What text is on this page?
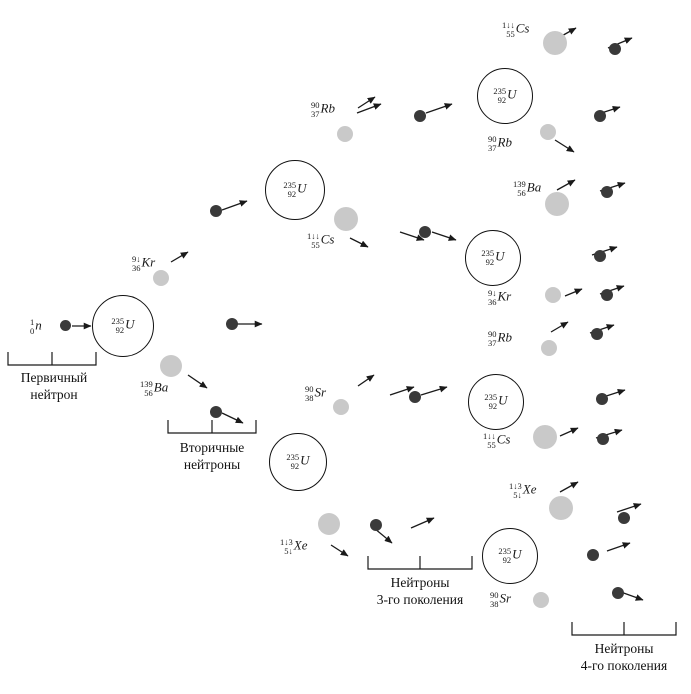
1
0 n	235
92 U
9↓
36 Kr
139
56 Ba
235
92 U
235
92 U
90
37 Rb
1↓↓
55 Cs
90
38 Sr
1↓3
5↓ Xe
235
92 U
235
92 U
235
92 U
235
92 U
1↓↓
55 Cs
90
37 Rb
139
56 Ba
9↓
36 Kr
90
37 Rb
1↓↓
55 Cs
1↓3
5↓ Xe
90
38 Sr
Первичный
нейтрон
Вторичные
нейтроны
Нейтроны
3-го поколения
Нейтроны
4-го поколения
